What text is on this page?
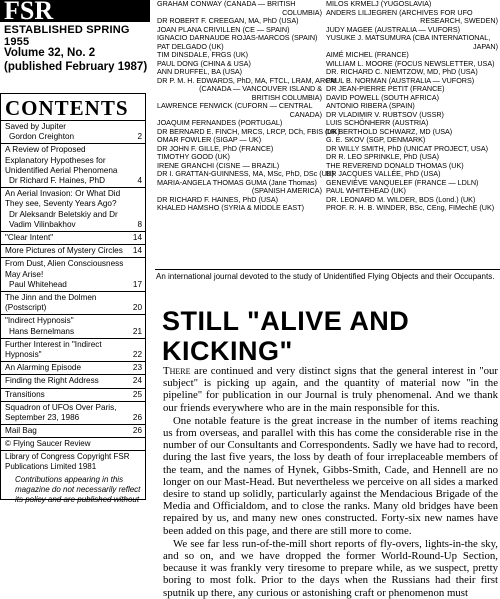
FSR
ESTABLISHED SPRING 1955
Volume 32, No. 2
(published February 1987)
CONTENTS
Saved by Jupiter
Gordon Creighton	2
A Review of Proposed Explanatory Hypotheses for Unidentified Aerial Phenomena
Dr Richard F. Haines, PhD	4
An Aerial Invasion: Or What Did They see, Seventy Years Ago?
Dr Aleksandr Beletskiy and Dr Vadim Vilinbakhov	8
"Clear Intent"	14
More Pictures of Mystery Circles	14
From Dust, Alien Consciousness May Arise!
Paul Whitehead	17
The Jinn and the Dolmen (Postscript)	20
"Indirect Hypnosis"
Hans Bernelmans	21
Further Interest in "Indirect Hypnosis"	22
An Alarming Episode	23
Finding the Right Address	24
Transitions	25
Squadron of UFOs Over Paris, September 23, 1986	26
Mail Bag	26
© Flying Saucer Review
Library of Congress Copyright FSR Publications Limited 1981
Contributions appearing in this magazine do not necessarily reflect its policy and are published without
GRAHAM CONWAY (CANADA — BRITISH
COLUMBIA)
DR ROBERT F. CREEGAN, MA, PhD (USA)
JOAN PLANA CRIVILLEN (CE — SPAIN)
IGNACIO DARNAUDE ROJAS-MARCOS (SPAIN)
PAT DELGADO (UK)
TIM DINSDALE, FRGS (UK)
PAUL DONG (CHINA & USA)
ANN DRUFFEL, BA (USA)
DR P. M. H. EDWARDS, PhD, MA, FTCL, LRAM, ARCM
(CANADA — VANCOUVER ISLAND &
BRITISH COLUMBIA)
LAWRENCE FENWICK (CUFORN — CENTRAL
CANADA)
JOAQUIM FERNANDES (PORTUGAL)
DR BERNARD E. FINCH, MRCS, LRCP, DCh, FBIS (UK)
OMAR FOWLER (SIGAP — UK)
DR JOHN F. GILLE, PhD (FRANCE)
TIMOTHY GOOD (UK)
IRENE GRANCHI (CISNE — BRAZIL)
DR I. GRATTAN-GUINNESS, MA, MSc, PhD, DSc (UK)
MARIA-ANGELA THOMAS GUMA (Jane Thomas)
(SPANISH AMERICA)
DR RICHARD F. HAINES, PhD (USA)
KHALED HAMSHO (SYRIA & MIDDLE EAST)
MILOS KRMELJ (YUGOSLAVIA)
ANDERS LILJEGREN (ARCHIVES FOR UFO
RESEARCH, SWEDEN)
JUDY MAGEE (AUSTRALIA — VUFORS)
YUSUKE J. MATSUMURA (CBA INTERNATIONAL,
JAPAN)
AIMÉ MICHEL (FRANCE)
WILLIAM L. MOORE (FOCUS NEWSLETTER, USA)
DR. RICHARD C. NIEMTZOW, MD, PhD (USA)
PAUL B. NORMAN (AUSTRALIA — VUFORS)
DR JEAN-PIERRE PETIT (FRANCE)
DAVID POWELL (SOUTH AFRICA)
ANTONIO RIBERA (SPAIN)
DR VLADIMIR V. RUBTSOV (USSR)
LUIS SCHÖNHERR (AUSTRIA)
DR BERTHOLD SCHWARZ, MD (USA)
G. E. SKOV (SGP, DENMARK)
DR WILLY SMITH, PhD (UNICAT PROJECT, USA)
DR R. LEO SPRINKLE, PhD (USA)
THE REVEREND DONALD THOMAS (UK)
DR JACQUES VALLÉE, PhD (USA)
GENEVIÈVE VANQUELEF (FRANCE — LDLN)
PAUL WHITEHEAD (UK)
DR. LEONARD M. WILDER, BDS (Lond.) (UK)
PROF. R. H. B. WINDER, BSc, CEng, FIMechE (UK)
An international journal devoted to the study of Unidentified Flying Objects and their Occupants.
STILL "ALIVE AND
KICKING"

There are continued and very distinct signs that the general interest in "our subject" is picking up again, and the quantity of material now "in the pipeline" for publication in our Journal is truly phenomenal. And we thank our friends everywhere who are in the main responsible for this.

One notable feature is the great increase in the number of items reaching us from overseas, and parallel with this has come the considerable rise in the number of our Consultants and Correspondents. Sadly we have had to record, during the last five years, the loss by death of four irreplaceable members of the team, and the names of Hynek, Gibbs-Smith, Cade, and Hennell are no longer on our Mast-Head. But nevertheless we perceive on all sides a marked desire to stand up solidly, particularly against the Mendacious Brigade of the Media and Officialdom, and to close the ranks. Many old bridges have been repaired by us, and many new ones constructed. Forty-six new names have been added on this page, and there are still more to come.

We see far less run-of-the-mill short reports of fly-overs, lights-in-the sky, and so on, and we have dropped the former World-Round-Up Section, because it was frankly very tiresome to prepare while, as we suspect, pretty boring to most folk. Prior to the days when the Russians had their first sputnik up there, any curious or astonishing craft or phenomenon must
